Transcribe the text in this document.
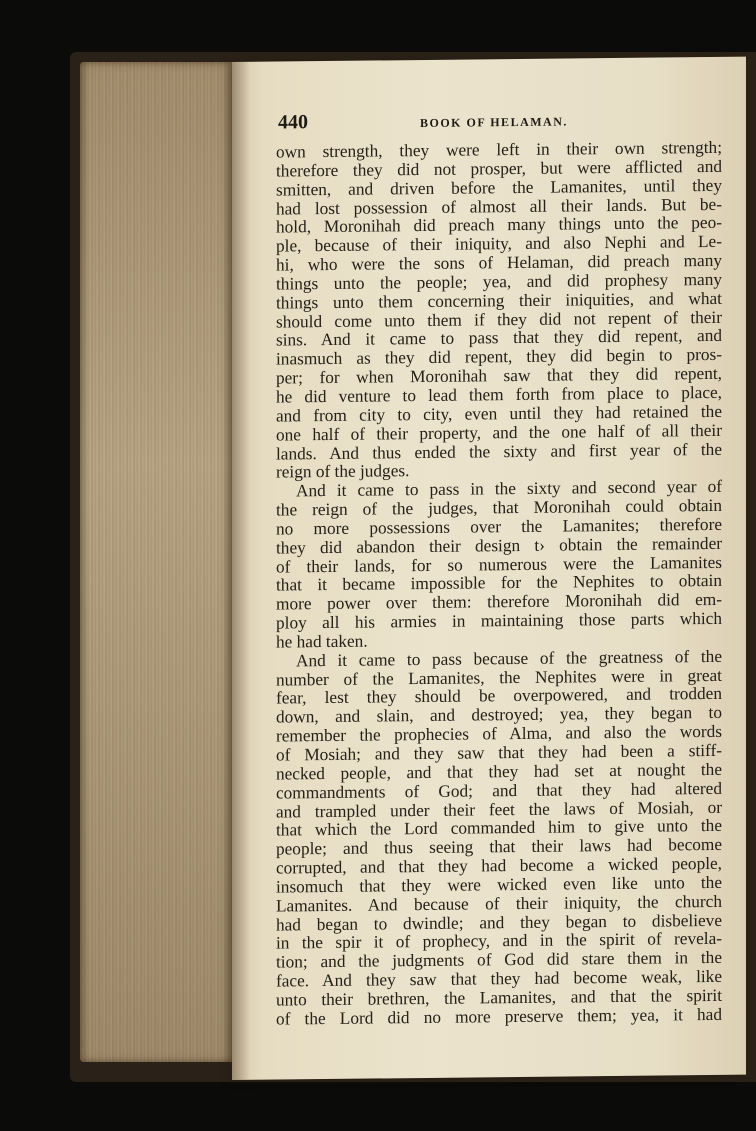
440	BOOK OF HELAMAN.
own strength, they were left in their own strength;
therefore they did not prosper, but were afflicted and
smitten, and driven before the Lamanites, until they
had lost possession of almost all their lands. But be-
hold, Moronihah did preach many things unto the peo-
ple, because of their iniquity, and also Nephi and Le-
hi, who were the sons of Helaman, did preach many
things unto the people; yea, and did prophesy many
things unto them concerning their iniquities, and what
should come unto them if they did not repent of their
sins. And it came to pass that they did repent, and
inasmuch as they did repent, they did begin to pros-
per; for when Moronihah saw that they did repent,
he did venture to lead them forth from place to place,
and from city to city, even until they had retained the
one half of their property, and the one half of all their
lands. And thus ended the sixty and first year of the
reign of the judges.
And it came to pass in the sixty and second year of
the reign of the judges, that Moronihah could obtain
no more possessions over the Lamanites; therefore
they did abandon their design t› obtain the remainder
of their lands, for so numerous were the Lamanites
that it became impossible for the Nephites to obtain
more power over them: therefore Moronihah did em-
ploy all his armies in maintaining those parts which
he had taken.
And it came to pass because of the greatness of the
number of the Lamanites, the Nephites were in great
fear, lest they should be overpowered, and trodden
down, and slain, and destroyed; yea, they began to
remember the prophecies of Alma, and also the words
of Mosiah; and they saw that they had been a stiff-
necked people, and that they had set at nought the
commandments of God; and that they had altered
and trampled under their feet the laws of Mosiah, or
that which the Lord commanded him to give unto the
people; and thus seeing that their laws had become
corrupted, and that they had become a wicked people,
insomuch that they were wicked even like unto the
Lamanites. And because of their iniquity, the church
had began to dwindle; and they began to disbelieve
in the spir it of prophecy, and in the spirit of revela-
tion; and the judgments of God did stare them in the
face. And they saw that they had become weak, like
unto their brethren, the Lamanites, and that the spirit
of the Lord did no more preserve them; yea, it had
